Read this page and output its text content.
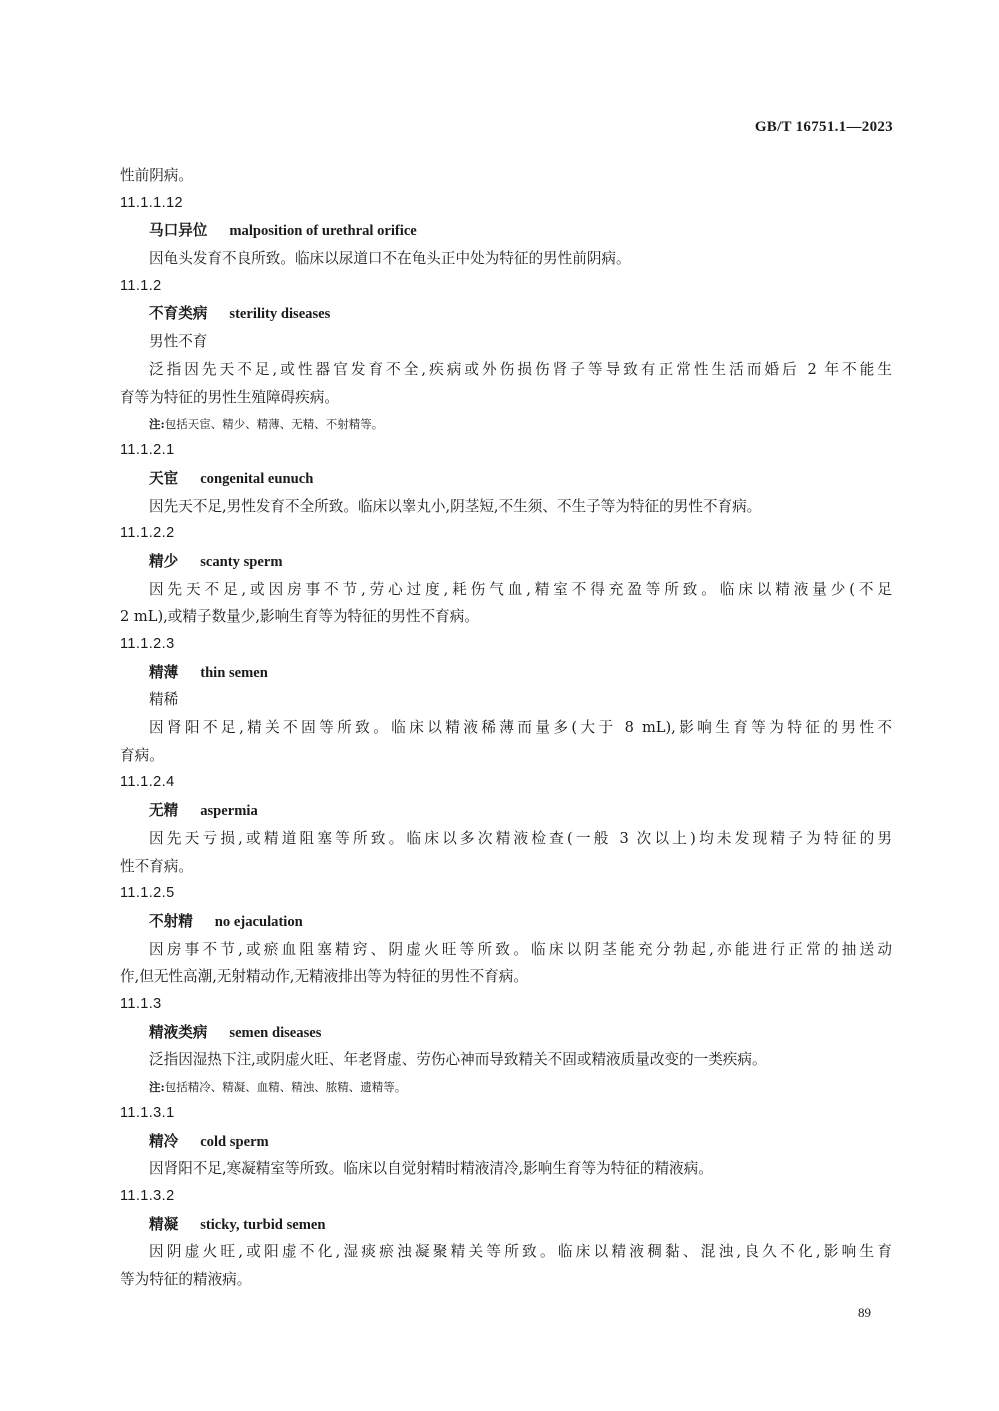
GB/T 16751.1—2023
性前阴病。
11.1.1.12
马口异位 malposition of urethral orifice
因龟头发育不良所致。临床以尿道口不在龟头正中处为特征的男性前阴病。
11.1.2
不育类病 sterility diseases
男性不育
泛指因先天不足,或性器官发育不全,疾病或外伤损伤肾子等导致有正常性生活而婚后 2 年不能生
育等为特征的男性生殖障碍疾病。
注:包括天宦、精少、精薄、无精、不射精等。
11.1.2.1
天宦 congenital eunuch
因先天不足,男性发育不全所致。临床以睾丸小,阴茎短,不生须、不生子等为特征的男性不育病。
11.1.2.2
精少 scanty sperm
因先天不足,或因房事不节,劳心过度,耗伤气血,精室不得充盈等所致。临床以精液量少(不足
2 mL),或精子数量少,影响生育等为特征的男性不育病。
11.1.2.3
精薄 thin semen
精稀
因肾阳不足,精关不固等所致。临床以精液稀薄而量多(大于 8 mL),影响生育等为特征的男性不
育病。
11.1.2.4
无精 aspermia
因先天亏损,或精道阻塞等所致。临床以多次精液检查(一般 3 次以上)均未发现精子为特征的男
性不育病。
11.1.2.5
不射精 no ejaculation
因房事不节,或瘀血阻塞精窍、阴虚火旺等所致。临床以阴茎能充分勃起,亦能进行正常的抽送动
作,但无性高潮,无射精动作,无精液排出等为特征的男性不育病。
11.1.3
精液类病 semen diseases
泛指因湿热下注,或阴虚火旺、年老肾虚、劳伤心神而导致精关不固或精液质量改变的一类疾病。
注:包括精冷、精凝、血精、精浊、脓精、遗精等。
11.1.3.1
精冷 cold sperm
因肾阳不足,寒凝精室等所致。临床以自觉射精时精液清冷,影响生育等为特征的精液病。
11.1.3.2
精凝 sticky, turbid semen
因阴虚火旺,或阳虚不化,湿痰瘀浊凝聚精关等所致。临床以精液稠黏、混浊,良久不化,影响生育
等为特征的精液病。
89
